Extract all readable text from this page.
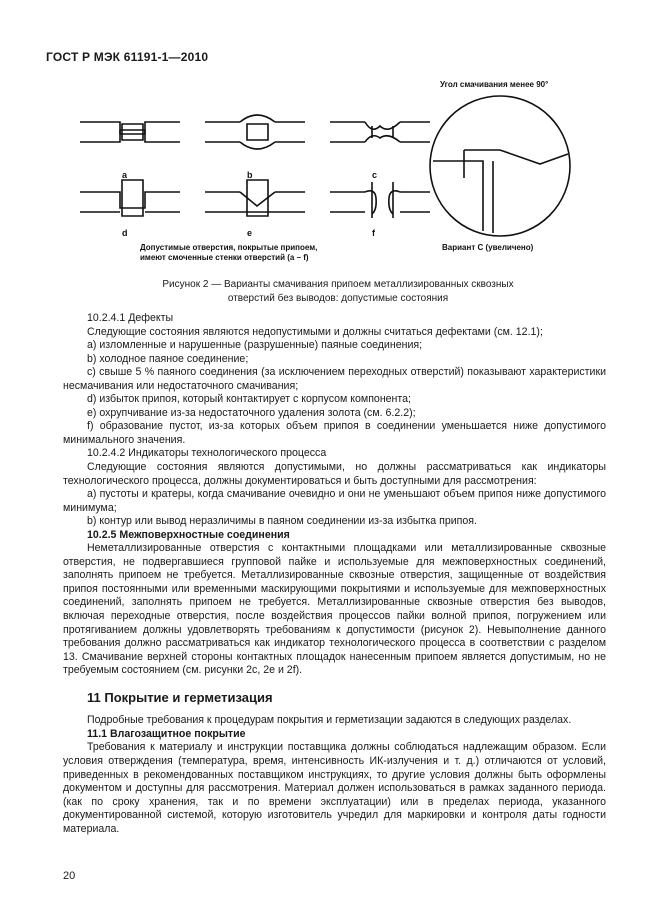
ГОСТ Р МЭК 61191-1—2010
a	b	c
d	e	f
Допустимые отверстия, покрытые припоем,
имеют смоченные стенки отверстий (a – f)
Угол смачивания менее 90°
Вариант С (увеличено)
Рисунок 2 — Варианты смачивания припоем металлизированных сквозных
отверстий без выводов: допустимые состояния

10.2.4.1 Дефекты

Следующие состояния являются недопустимыми и должны считаться дефектами (см. 12.1);

а) изломленные и нарушенные (разрушенные) паяные соединения;

b) холодное паяное соединение;

c) свыше 5 % паяного соединения (за исключением переходных отверстий) показывают характеристики несмачивания или недостаточного смачивания;

d) избыток припоя, который контактирует с корпусом компонента;

e) охрупчивание из-за недостаточного удаления золота (см. 6.2.2);

f) образование пустот, из-за которых объем припоя в соединении уменьшается ниже допустимого минимального значения.

10.2.4.2 Индикаторы технологического процесса

Следующие состояния являются допустимыми, но должны рассматриваться как индикаторы технологического процесса, должны документироваться и быть доступными для рассмотрения:

а) пустоты и кратеры, когда смачивание очевидно и они не уменьшают объем припоя ниже допустимого минимума;

b) контур или вывод неразличимы в паяном соединении из-за избытка припоя.

10.2.5 Межповерхностные соединения

Неметаллизированные отверстия с контактными площадками или металлизированные сквозные отверстия, не подвергавшиеся групповой пайке и используемые для межповерхностных соединений, заполнять припоем не требуется. Металлизированные сквозные отверстия, защищенные от воздействия припоя постоянными или временными маскирующими покрытиями и используемые для межповерхностных соединений, заполнять припоем не требуется. Металлизированные сквозные отверстия без выводов, включая переходные отверстия, после воздействия процессов пайки волной припоя, погружением или протягиванием должны удовлетворять требованиям к допустимости (рисунок 2). Невыполнение данного требования должно рассматриваться как индикатор технологического процесса в соответствии с разделом 13. Смачивание верхней стороны контактных площадок нанесенным припоем является допустимым, но не требуемым состоянием (см. рисунки 2c, 2e и 2f).

11 Покрытие и герметизация

Подробные требования к процедурам покрытия и герметизации задаются в следующих разделах.

11.1 Влагозащитное покрытие

Требования к материалу и инструкции поставщика должны соблюдаться надлежащим образом. Если условия отверждения (температура, время, интенсивность ИК-излучения и т. д.) отличаются от условий, приведенных в рекомендованных поставщиком инструкциях, то другие условия должны быть оформлены документом и доступны для рассмотрения. Материал должен использоваться в рамках заданного периода. (как по сроку хранения, так и по времени эксплуатации) или в пределах периода, указанного документированной системой, которую изготовитель учредил для маркировки и контроля даты годности материала.

20
